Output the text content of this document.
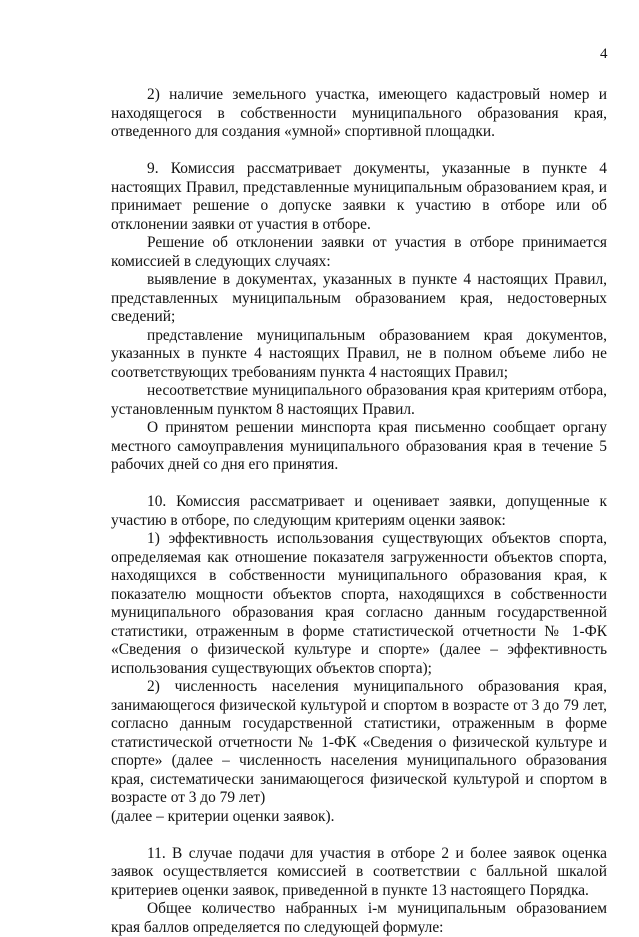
4

2) наличие земельного участка, имеющего кадастровый номер и находящегося в собственности муниципального образования края, отведенного для создания «умной» спортивной площадки.

9. Комиссия рассматривает документы, указанные в пункте 4 настоящих Правил, представленные муниципальным образованием края, и принимает решение о допуске заявки к участию в отборе или об отклонении заявки от участия в отборе.

Решение об отклонении заявки от участия в отборе принимается комиссией в следующих случаях:

выявление в документах, указанных в пункте 4 настоящих Правил, представленных муниципальным образованием края, недостоверных сведений;

представление муниципальным образованием края документов, указанных в пункте 4 настоящих Правил, не в полном объеме либо не соответствующих требованиям пункта 4 настоящих Правил;

несоответствие муниципального образования края критериям отбора, установленным пунктом 8 настоящих Правил.

О принятом решении минспорта края письменно сообщает органу местного самоуправления муниципального образования края в течение 5 рабочих дней со дня его принятия.

10. Комиссия рассматривает и оценивает заявки, допущенные к участию в отборе, по следующим критериям оценки заявок:

1) эффективность использования существующих объектов спорта, определяемая как отношение показателя загруженности объектов спорта, находящихся в собственности муниципального образования края, к показателю мощности объектов спорта, находящихся в собственности муниципального образования края согласно данным государственной статистики, отраженным в форме статистической отчетности № 1-ФК «Сведения о физической культуре и спорте» (далее – эффективность использования существующих объектов спорта);

2) численность населения муниципального образования края, занимающегося физической культурой и спортом в возрасте от 3 до 79 лет, согласно данным государственной статистики, отраженным в форме статистической отчетности № 1-ФК «Сведения о физической культуре и спорте» (далее – численность населения муниципального образования края, систематически занимающегося физической культурой и спортом в возрасте от 3 до 79 лет)

(далее – критерии оценки заявок).

11. В случае подачи для участия в отборе 2 и более заявок оценка заявок осуществляется комиссией в соответствии с балльной шкалой критериев оценки заявок, приведенной в пункте 13 настоящего Порядка.

Общее количество набранных i-м муниципальным образованием края баллов определяется по следующей формуле:
